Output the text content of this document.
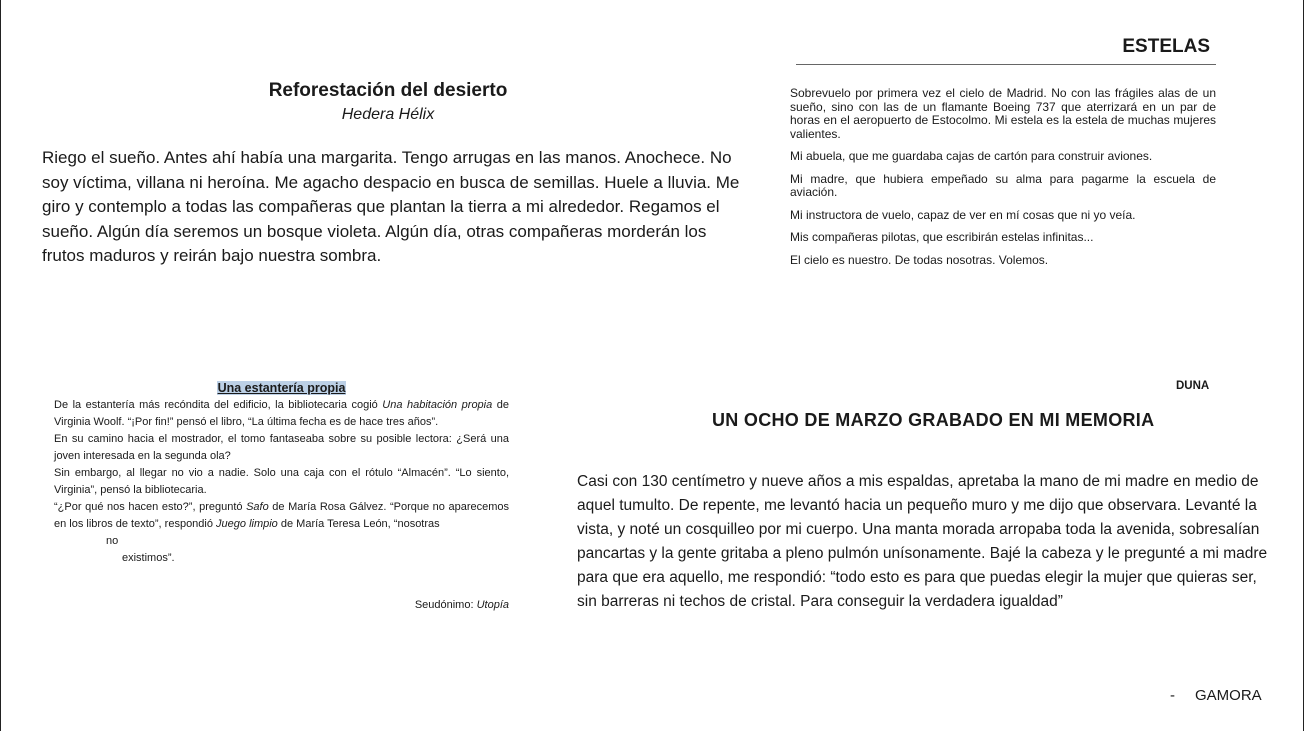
Reforestación del desierto

Hedera Hélix

Riego el sueño. Antes ahí había una margarita. Tengo arrugas en las manos. Anochece. No soy víctima, villana ni heroína. Me agacho despacio en busca de semillas. Huele a lluvia. Me giro y contemplo a todas las compañeras que plantan la tierra a mi alrededor. Regamos el sueño. Algún día seremos un bosque violeta. Algún día, otras compañeras morderán los frutos maduros y reirán bajo nuestra sombra.

ESTELAS

Sobrevuelo por primera vez el cielo de Madrid. No con las frágiles alas de un sueño, sino con las de un flamante Boeing 737 que aterrizará en un par de horas en el aeropuerto de Estocolmo. Mi estela es la estela de muchas mujeres valientes.

Mi abuela, que me guardaba cajas de cartón para construir aviones.

Mi madre, que hubiera empeñado su alma para pagarme la escuela de aviación.

Mi instructora de vuelo, capaz de ver en mí cosas que ni yo veía.

Mis compañeras pilotas, que escribirán estelas infinitas...

El cielo es nuestro. De todas nosotras. Volemos.

Una estantería propia

De la estantería más recóndita del edificio, la bibliotecaria cogió Una habitación propia de Virginia Woolf. “¡Por fin!” pensó el libro, “La última fecha es de hace tres años”.

En su camino hacia el mostrador, el tomo fantaseaba sobre su posible lectora: ¿Será una joven interesada en la segunda ola?

Sin embargo, al llegar no vio a nadie. Solo una caja con el rótulo “Almacén”. “Lo siento, Virginia”, pensó la bibliotecaria.

“¿Por qué nos hacen esto?”, preguntó Safo de María Rosa Gálvez. “Porque no aparecemos en los libros de texto”, respondió Juego limpio de María Teresa León, “nosotras

no

existimos”.

Seudónimo: Utopía

DUNA
UN OCHO DE MARZO GRABADO EN MI MEMORIA

Casi con 130 centímetro y nueve años a mis espaldas, apretaba la mano de mi madre en medio de aquel tumulto. De repente, me levantó hacia un pequeño muro y me dijo que observara. Levanté la vista, y noté un cosquilleo por mi cuerpo. Una manta morada arropaba toda la avenida, sobresalían pancartas y la gente gritaba a pleno pulmón unísonamente. Bajé la cabeza y le pregunté a mi madre para que era aquello, me respondió: “todo esto es para que puedas elegir la mujer que quieras ser, sin barreras ni techos de cristal. Para conseguir la verdadera igualdad”

- GAMORA
